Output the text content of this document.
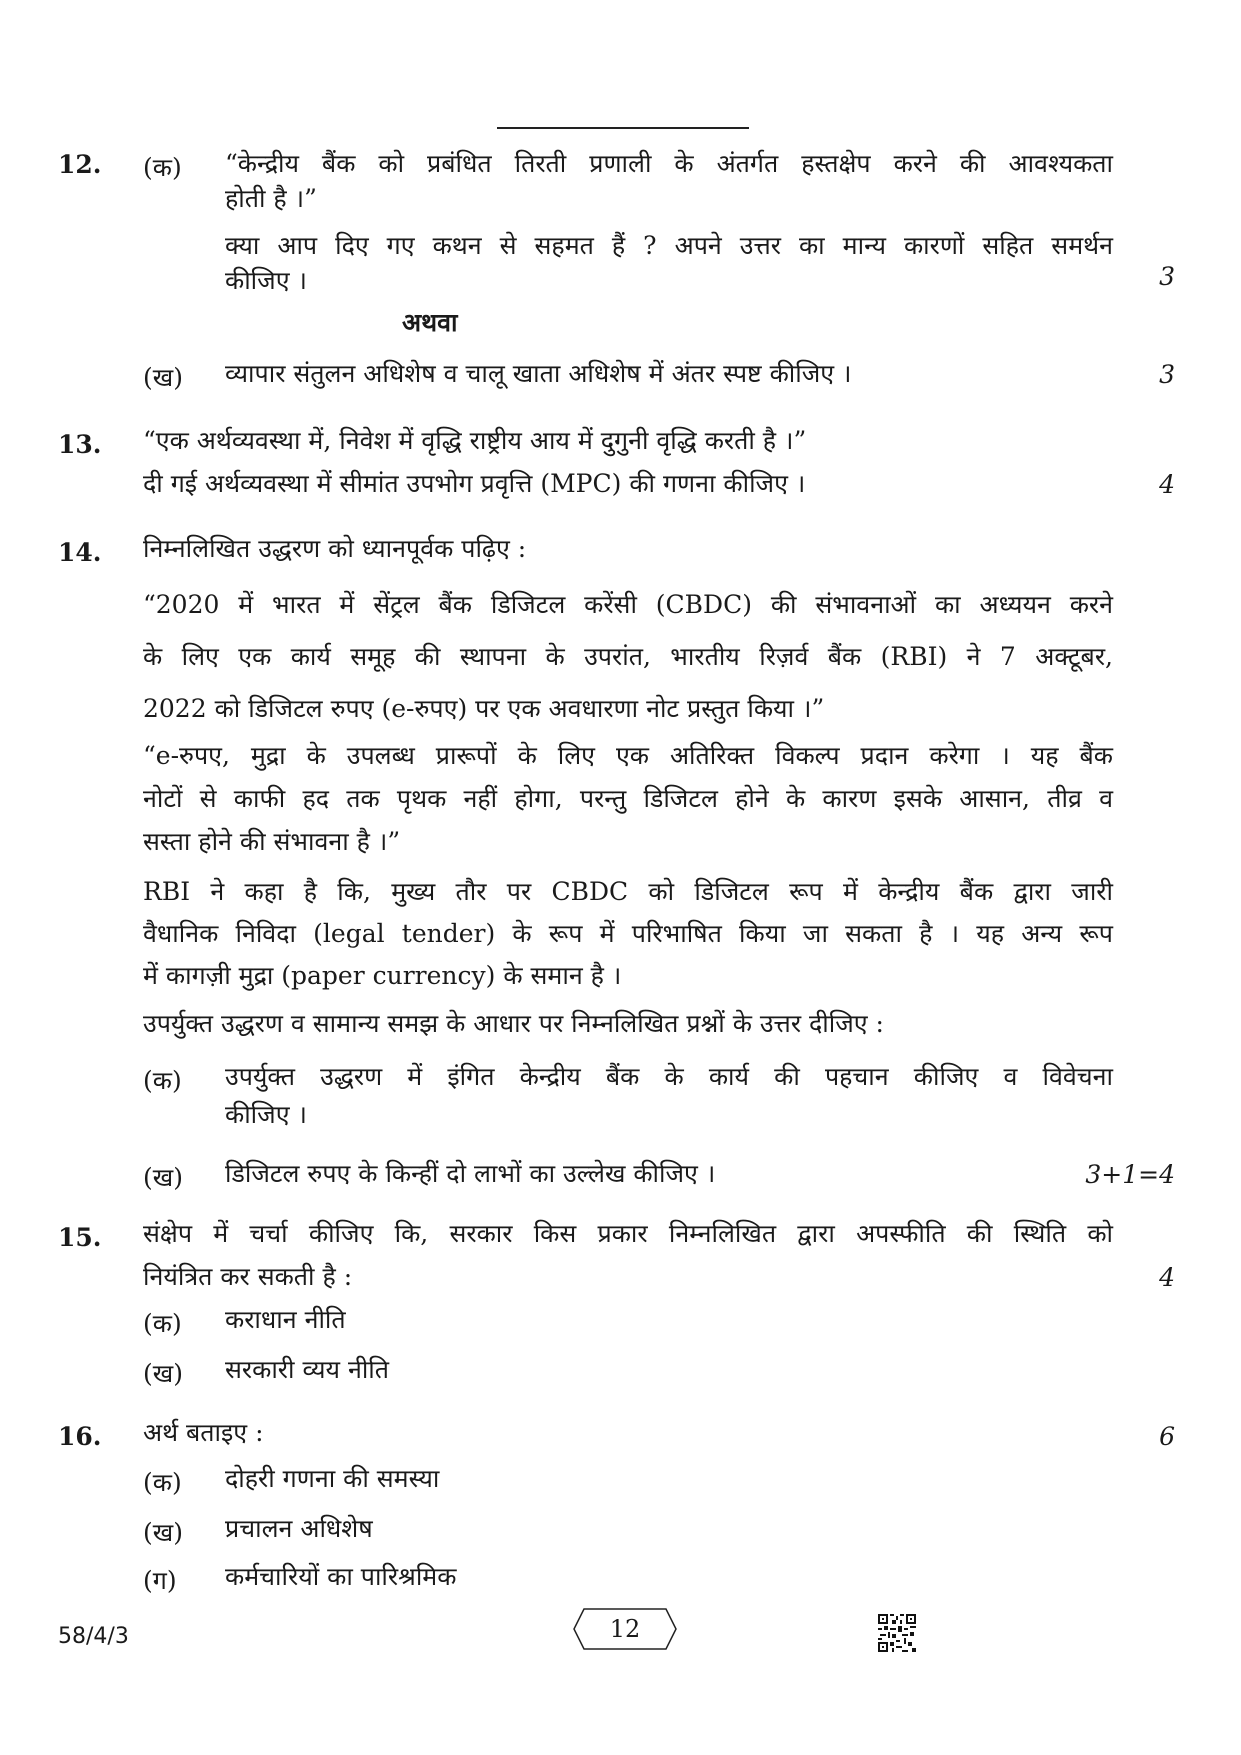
12. (क) “केन्द्रीय बैंक को प्रबंधित तिरती प्रणाली के अंतर्गत हस्तक्षेप करने की आवश्यकता
होती है ।”
क्या आप दिए गए कथन से सहमत हैं ? अपने उत्तर का मान्य कारणों सहित समर्थन
कीजिए ।	3
अथवा
(ख) व्यापार संतुलन अधिशेष व चालू खाता अधिशेष में अंतर स्पष्ट कीजिए ।	3
13. “एक अर्थव्यवस्था में, निवेश में वृद्धि राष्ट्रीय आय में दुगुनी वृद्धि करती है ।”
दी गई अर्थव्यवस्था में सीमांत उपभोग प्रवृत्ति (MPC) की गणना कीजिए ।	4
14. निम्नलिखित उद्धरण को ध्यानपूर्वक पढ़िए :
“2020 में भारत में सेंट्रल बैंक डिजिटल करेंसी (CBDC) की संभावनाओं का अध्ययन करने
के लिए एक कार्य समूह की स्थापना के उपरांत, भारतीय रिज़र्व बैंक (RBI) ने 7 अक्टूबर,
2022 को डिजिटल रुपए (e-रुपए) पर एक अवधारणा नोट प्रस्तुत किया ।”
“e-रुपए, मुद्रा के उपलब्ध प्रारूपों के लिए एक अतिरिक्त विकल्प प्रदान करेगा । यह बैंक
नोटों से काफी हद तक पृथक नहीं होगा, परन्तु डिजिटल होने के कारण इसके आसान, तीव्र व
सस्ता होने की संभावना है ।”
RBI ने कहा है कि, मुख्य तौर पर CBDC को डिजिटल रूप में केन्द्रीय बैंक द्वारा जारी
वैधानिक निविदा (legal tender) के रूप में परिभाषित किया जा सकता है । यह अन्य रूप
में कागज़ी मुद्रा (paper currency) के समान है ।
उपर्युक्त उद्धरण व सामान्य समझ के आधार पर निम्नलिखित प्रश्नों के उत्तर दीजिए :
(क) उपर्युक्त उद्धरण में इंगित केन्द्रीय बैंक के कार्य की पहचान कीजिए व विवेचना
कीजिए ।
(ख) डिजिटल रुपए के किन्हीं दो लाभों का उल्लेख कीजिए ।	3+1=4
15. संक्षेप में चर्चा कीजिए कि, सरकार किस प्रकार निम्नलिखित द्वारा अपस्फीति की स्थिति को
नियंत्रित कर सकती है :	4
(क) कराधान नीति
(ख) सरकारी व्यय नीति
16. अर्थ बताइए :	6
(क) दोहरी गणना की समस्या
(ख) प्रचालन अधिशेष
(ग) कर्मचारियों का पारिश्रमिक
58/4/3	12
